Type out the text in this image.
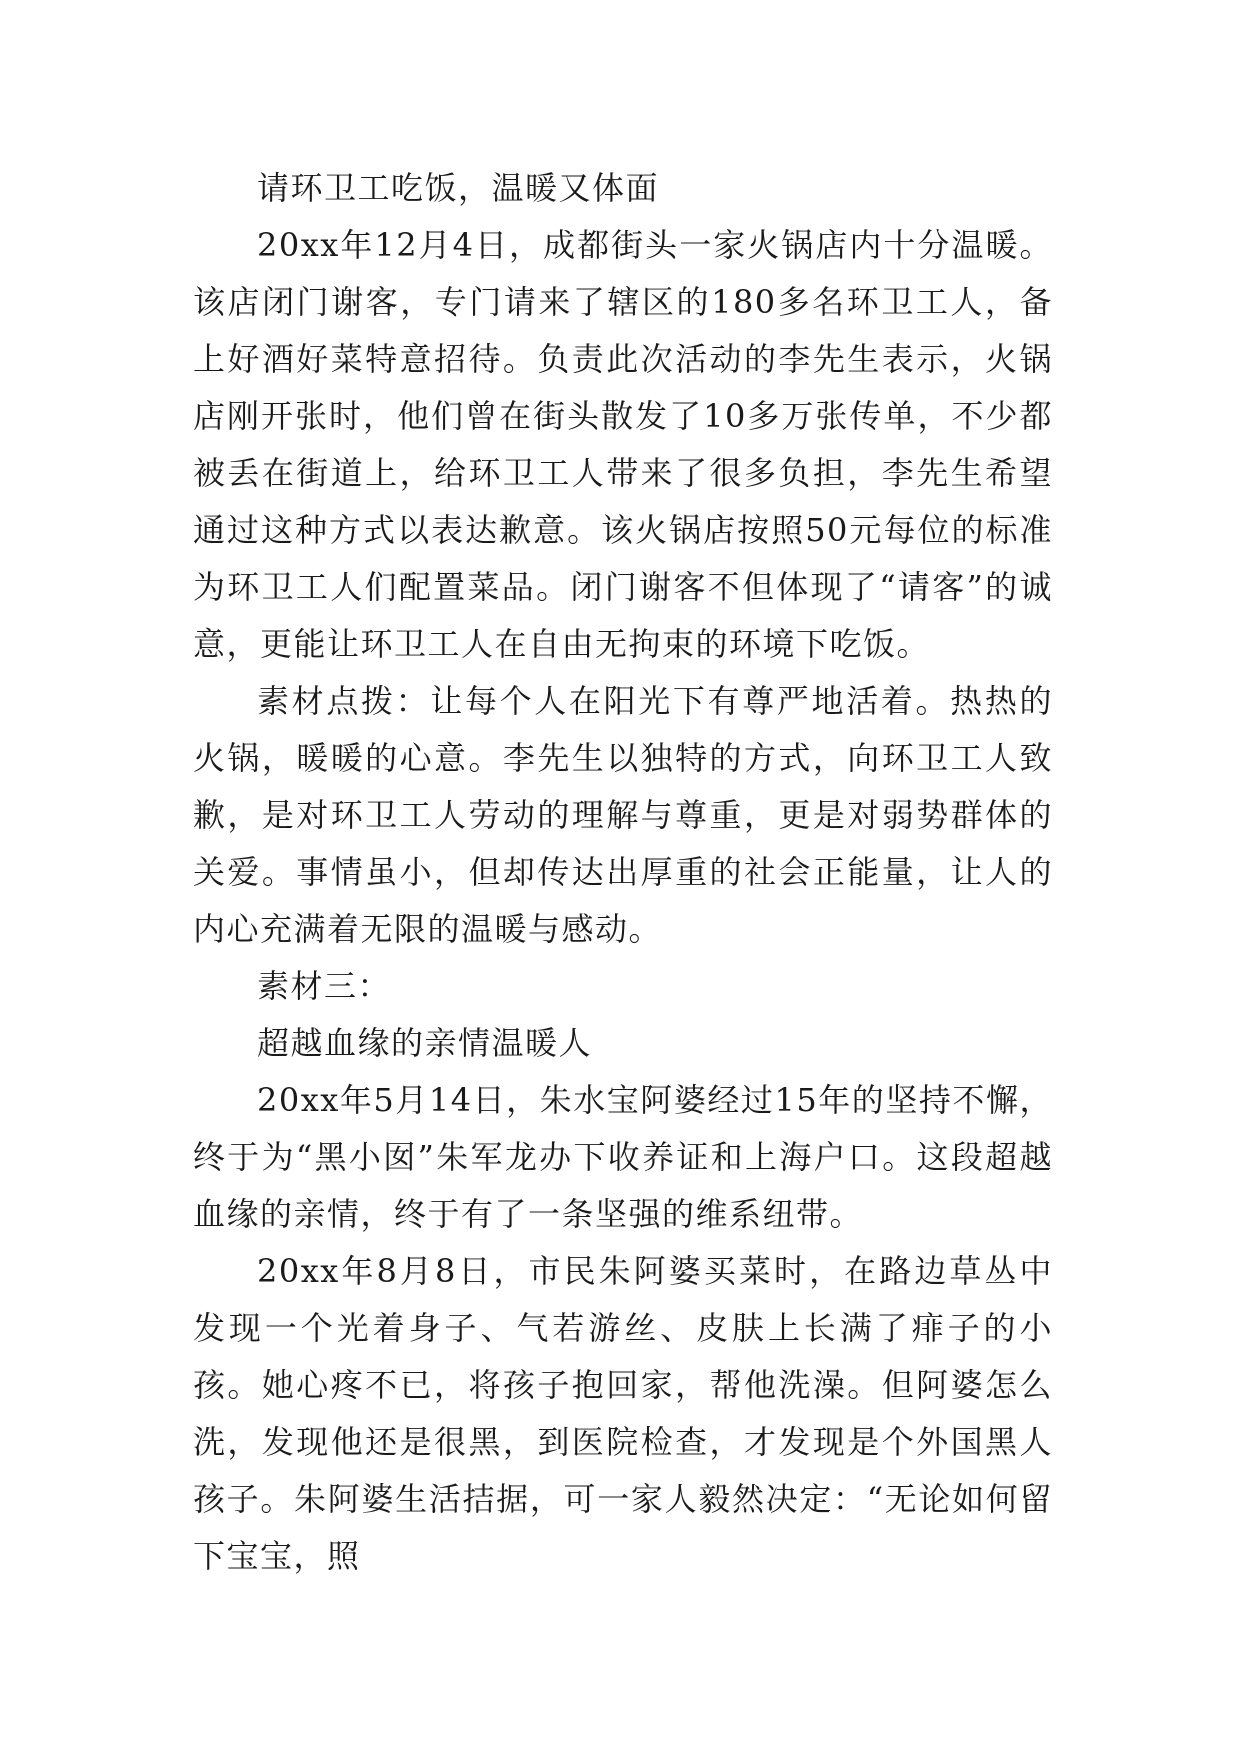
请环卫工吃饭，温暖又体面

20xx年12月4日，成都街头一家火锅店内十分温暖。该店闭门谢客，专门请来了辖区的180多名环卫工人，备上好酒好菜特意招待。负责此次活动的李先生表示，火锅店刚开张时，他们曾在街头散发了10多万张传单，不少都被丢在街道上，给环卫工人带来了很多负担，李先生希望通过这种方式以表达歉意。该火锅店按照50元每位的标准为环卫工人们配置菜品。闭门谢客不但体现了“请客”的诚意，更能让环卫工人在自由无拘束的环境下吃饭。

素材点拨：让每个人在阳光下有尊严地活着。热热的火锅，暖暖的心意。李先生以独特的方式，向环卫工人致歉，是对环卫工人劳动的理解与尊重，更是对弱势群体的关爱。事情虽小，但却传达出厚重的社会正能量，让人的内心充满着无限的温暖与感动。

素材三：

超越血缘的亲情温暖人

20xx年5月14日，朱水宝阿婆经过15年的坚持不懈，终于为“黑小囡”朱军龙办下收养证和上海户口。这段超越血缘的亲情，终于有了一条坚强的维系纽带。

20xx年8月8日，市民朱阿婆买菜时，在路边草丛中发现一个光着身子、气若游丝、皮肤上长满了痱子的小孩。她心疼不已，将孩子抱回家，帮他洗澡。但阿婆怎么洗，发现他还是很黑，到医院检查，才发现是个外国黑人孩子。朱阿婆生活拮据，可一家人毅然决定：“无论如何留下宝宝，照
